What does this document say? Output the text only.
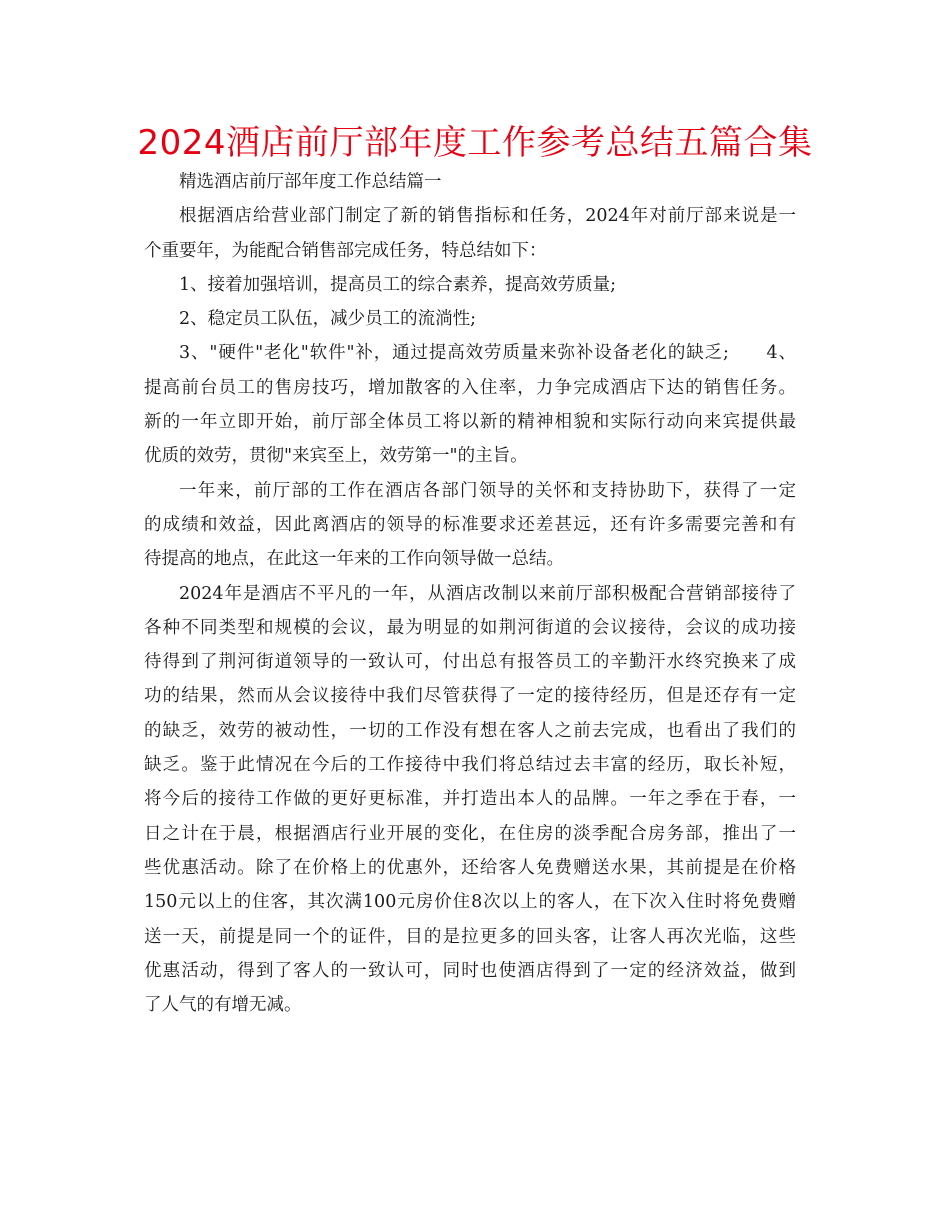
2024酒店前厅部年度工作参考总结五篇合集
精选酒店前厅部年度工作总结篇一
根据酒店给营业部门制定了新的销售指标和任务，2024年对前厅部来说是一
个重要年，为能配合销售部完成任务，特总结如下：
1、接着加强培训，提高员工的综合素养，提高效劳质量;
2、稳定员工队伍，减少员工的流淌性;
3、"硬件"老化"软件"补，通过提高效劳质量来弥补设备老化的缺乏;　　4、
提高前台员工的售房技巧，增加散客的入住率，力争完成酒店下达的销售任务。
新的一年立即开始，前厅部全体员工将以新的精神相貌和实际行动向来宾提供最
优质的效劳，贯彻"来宾至上，效劳第一"的主旨。
一年来，前厅部的工作在酒店各部门领导的关怀和支持协助下，获得了一定
的成绩和效益，因此离酒店的领导的标准要求还差甚远，还有许多需要完善和有
待提高的地点，在此这一年来的工作向领导做一总结。
2024年是酒店不平凡的一年，从酒店改制以来前厅部积极配合营销部接待了
各种不同类型和规模的会议，最为明显的如荆河街道的会议接待，会议的成功接
待得到了荆河街道领导的一致认可，付出总有报答员工的辛勤汗水终究换来了成
功的结果，然而从会议接待中我们尽管获得了一定的接待经历，但是还存有一定
的缺乏，效劳的被动性，一切的工作没有想在客人之前去完成，也看出了我们的
缺乏。鉴于此情况在今后的工作接待中我们将总结过去丰富的经历，取长补短，
将今后的接待工作做的更好更标准，并打造出本人的品牌。一年之季在于春，一
日之计在于晨，根据酒店行业开展的变化，在住房的淡季配合房务部，推出了一
些优惠活动。除了在价格上的优惠外，还给客人免费赠送水果，其前提是在价格
150元以上的住客，其次满100元房价住8次以上的客人，在下次入住时将免费赠
送一天，前提是同一个的证件，目的是拉更多的回头客，让客人再次光临，这些
优惠活动，得到了客人的一致认可，同时也使酒店得到了一定的经济效益，做到
了人气的有增无减。
